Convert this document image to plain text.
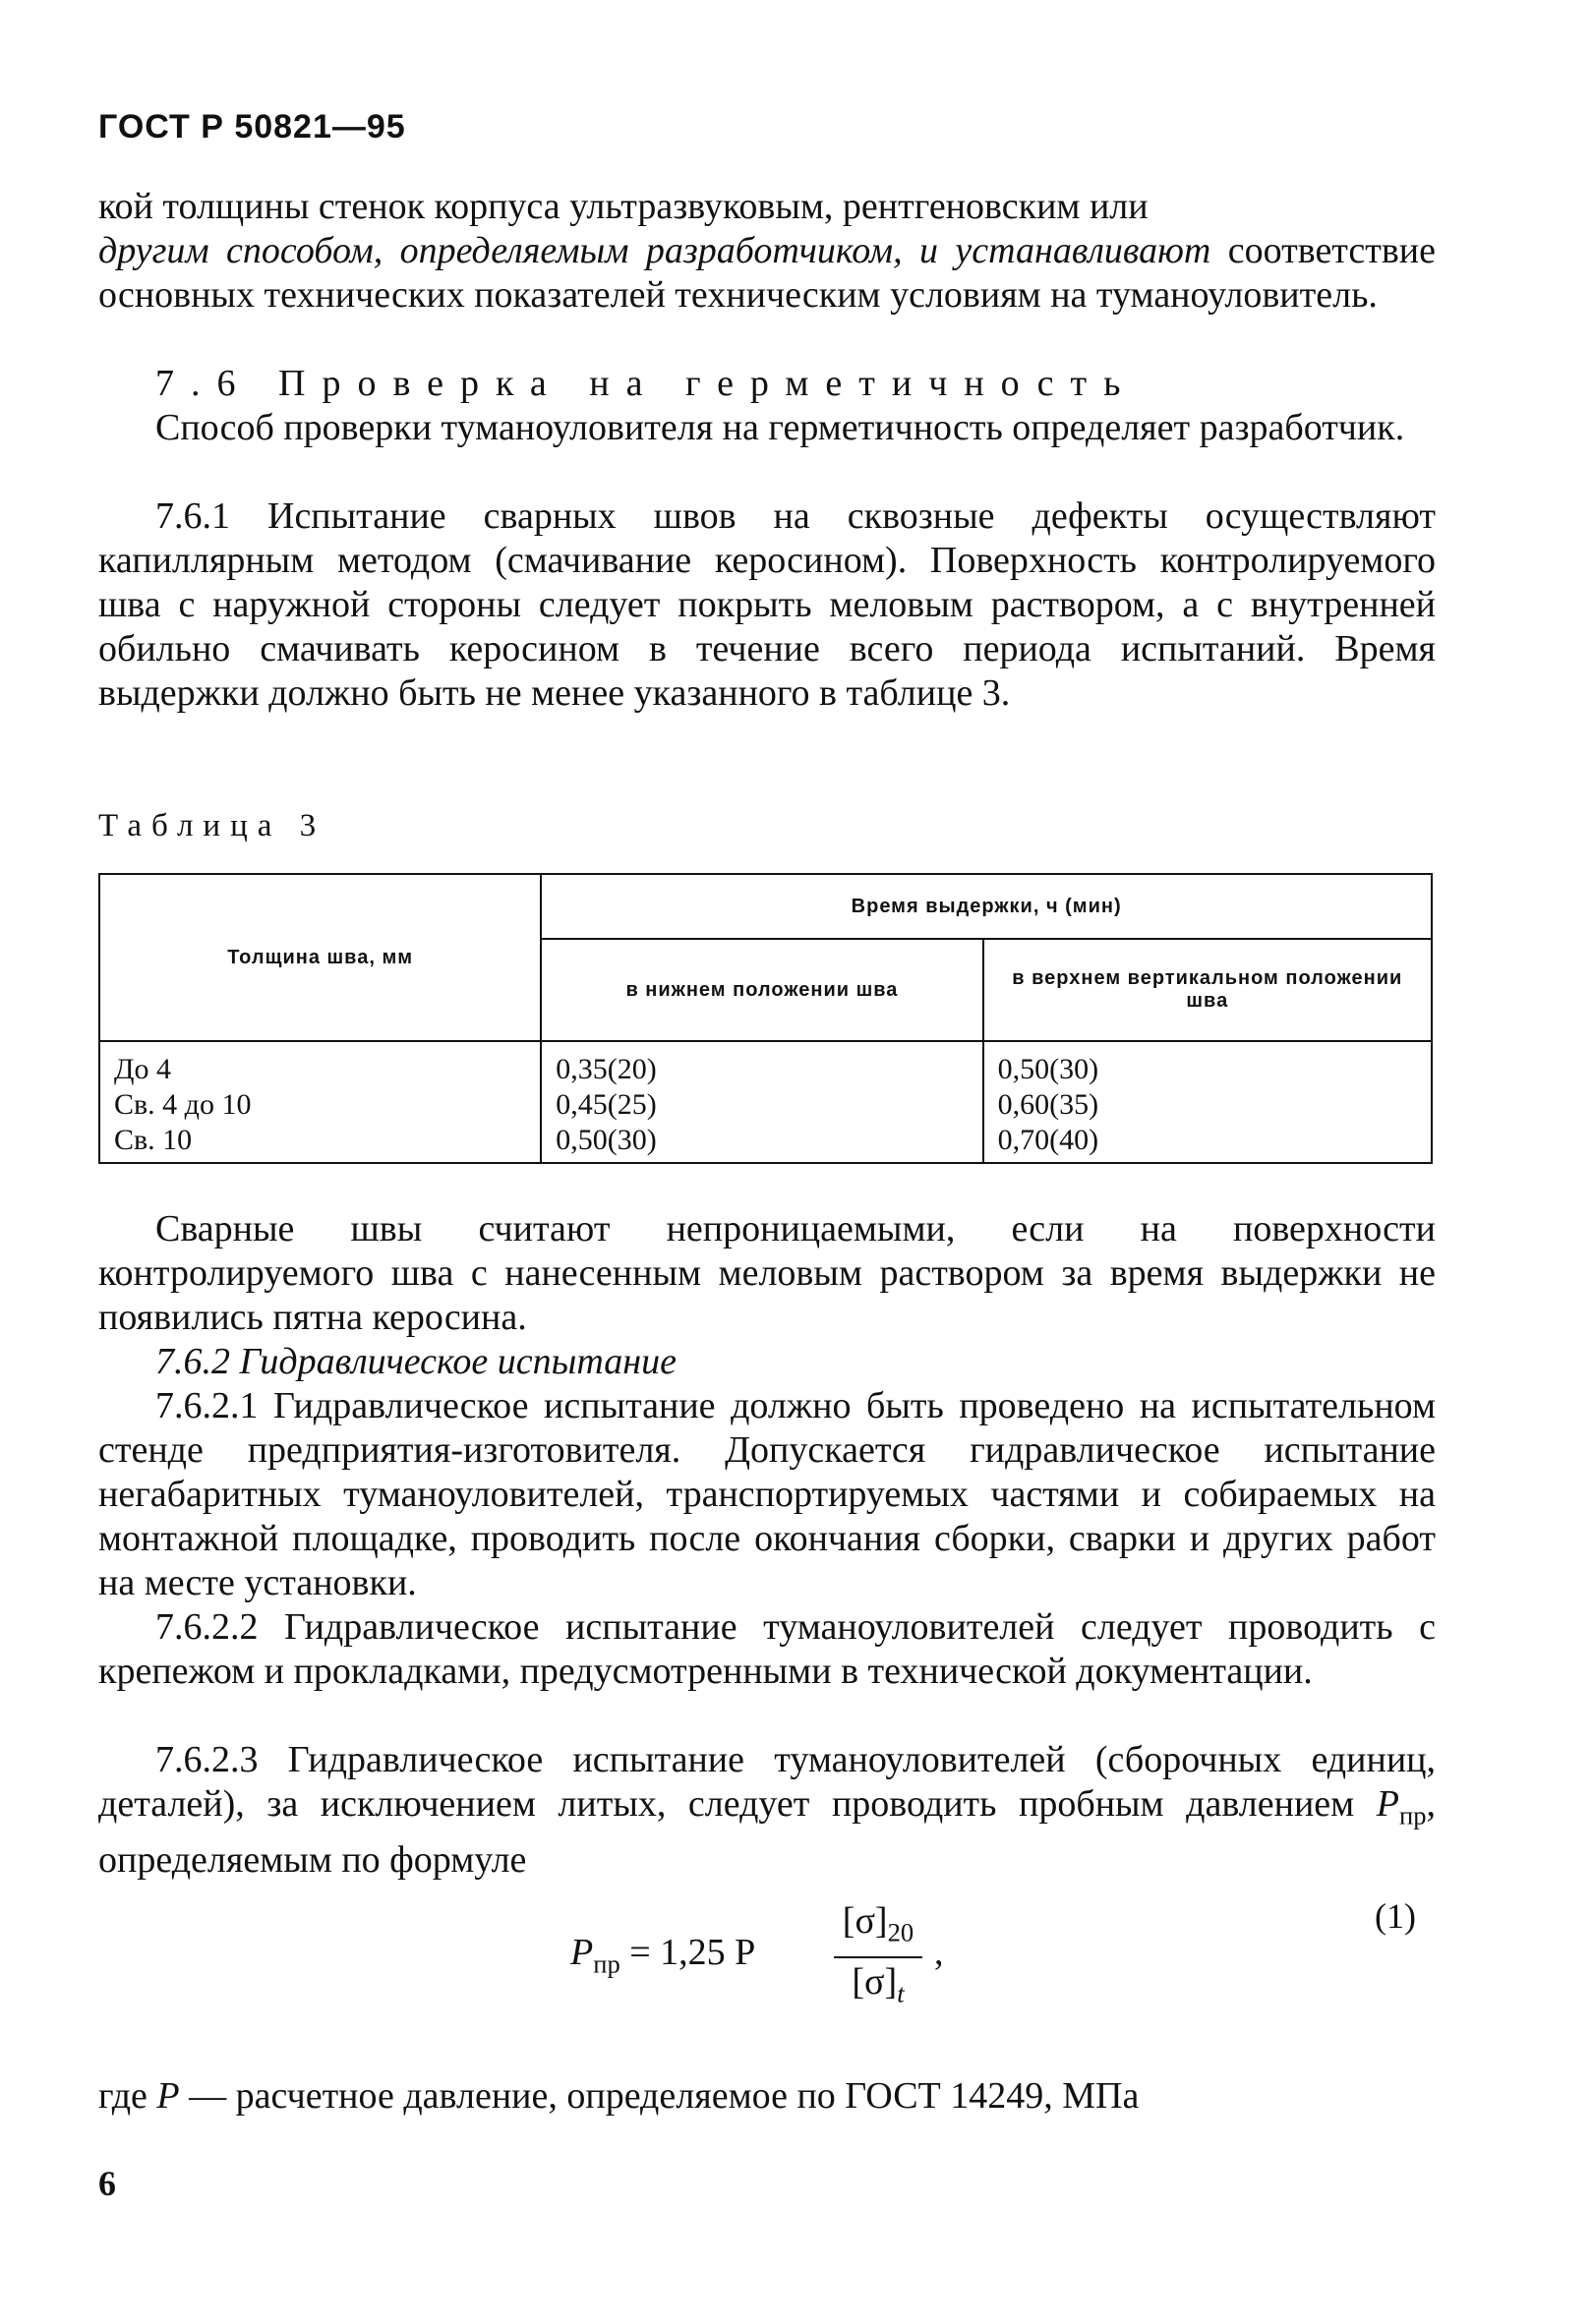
ГОСТ Р 50821—95
кой толщины стенок корпуса ультразвуковым, рентгеновским или
другим способом, определяемым разработчиком, и устанавливают соответствие основных технических показателей техническим условиям на туманоуловитель.
7.6 Проверка на герметичность
Способ проверки туманоуловителя на герметичность определяет разработчик.
7.6.1 Испытание сварных швов на сквозные дефекты осуществляют капиллярным методом (смачивание керосином). Поверхность контролируемого шва с наружной стороны следует покрыть меловым раствором, а с внутренней обильно смачивать керосином в течение всего периода испытаний. Время выдержки должно быть не менее указанного в таблице 3.
Таблица 3
Толщина шва, мм	Время выдержки, ч (мин)	
	в нижнем положении шва	в верхнем вертикальном положении шва
До 4	0,35(20)	0,50(30)
Св. 4 до 10	0,45(25)	0,60(35)
Св. 10	0,50(30)	0,70(40)
Сварные швы считают непроницаемыми, если на поверхности контролируемого шва с нанесенным меловым раствором за время выдержки не появились пятна керосина.
7.6.2 Гидравлическое испытание
7.6.2.1 Гидравлическое испытание должно быть проведено на испытательном стенде предприятия-изготовителя. Допускается гидравлическое испытание негабаритных туманоуловителей, транспортируемых частями и собираемых на монтажной площадке, проводить после окончания сборки, сварки и других работ на месте установки.
7.6.2.2 Гидравлическое испытание туманоуловителей следует проводить с крепежом и прокладками, предусмотренными в технической документации.
7.6.2.3 Гидравлическое испытание туманоуловителей (сборочных единиц, деталей), за исключением литых, следует проводить пробным давлением $P_{пр}$, определяемым по формуле
$P_{пр} = 1,25$ P
$[\sigma]_{20}$
$[\sigma]_t$
,
(1)
где P — расчетное давление, определяемое по ГОСТ 14249, МПа
6
